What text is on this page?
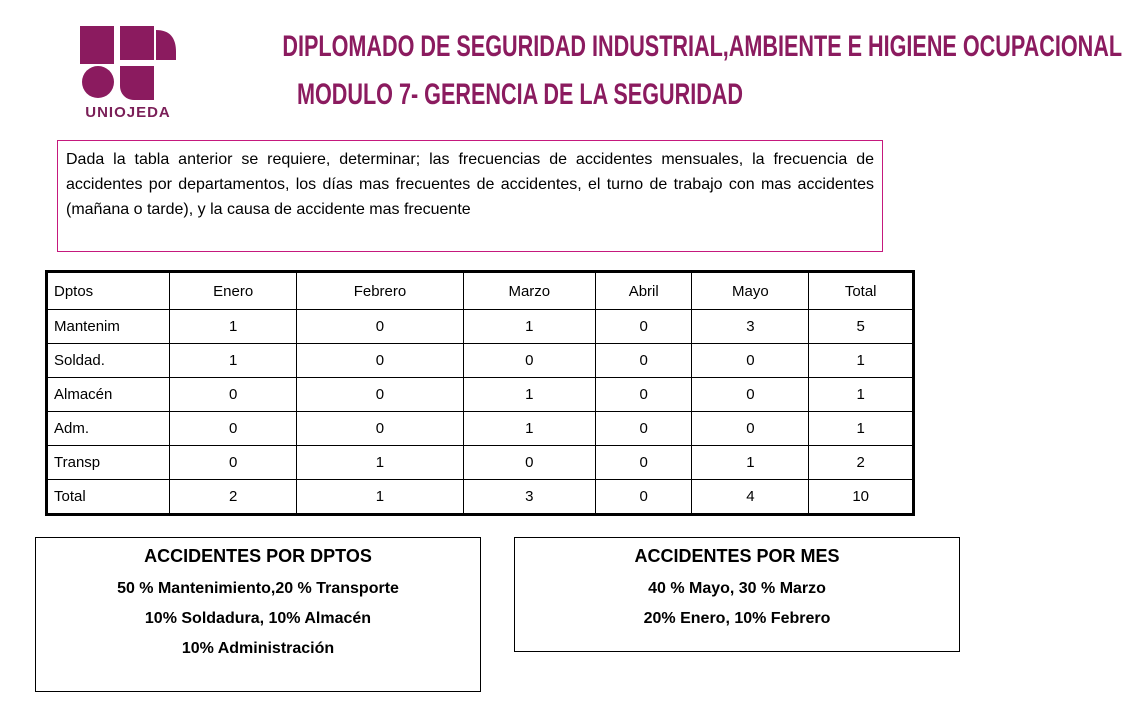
UNIOJEDA
DIPLOMADO DE SEGURIDAD INDUSTRIAL,AMBIENTE E HIGIENE OCUPACIONAL
MODULO 7- GERENCIA DE LA SEGURIDAD
Dada la tabla anterior se requiere, determinar; las frecuencias de accidentes mensuales, la frecuencia de accidentes por departamentos, los días mas frecuentes de accidentes, el turno de trabajo con mas accidentes (mañana o tarde), y la causa de accidente mas frecuente
Dptos	Enero	Febrero	Marzo	Abril	Mayo	Total
Mantenim	1	0	1	0	3	5
Soldad.	1	0	0	0	0	1
Almacén	0	0	1	0	0	1
Adm.	0	0	1	0	0	1
Transp	0	1	0	0	1	2
Total	2	1	3	0	4	10
ACCIDENTES POR DPTOS
50 % Mantenimiento,20 % Transporte
10% Soldadura, 10% Almacén
10% Administración
ACCIDENTES POR MES
40 % Mayo, 30 % Marzo
20% Enero, 10% Febrero
